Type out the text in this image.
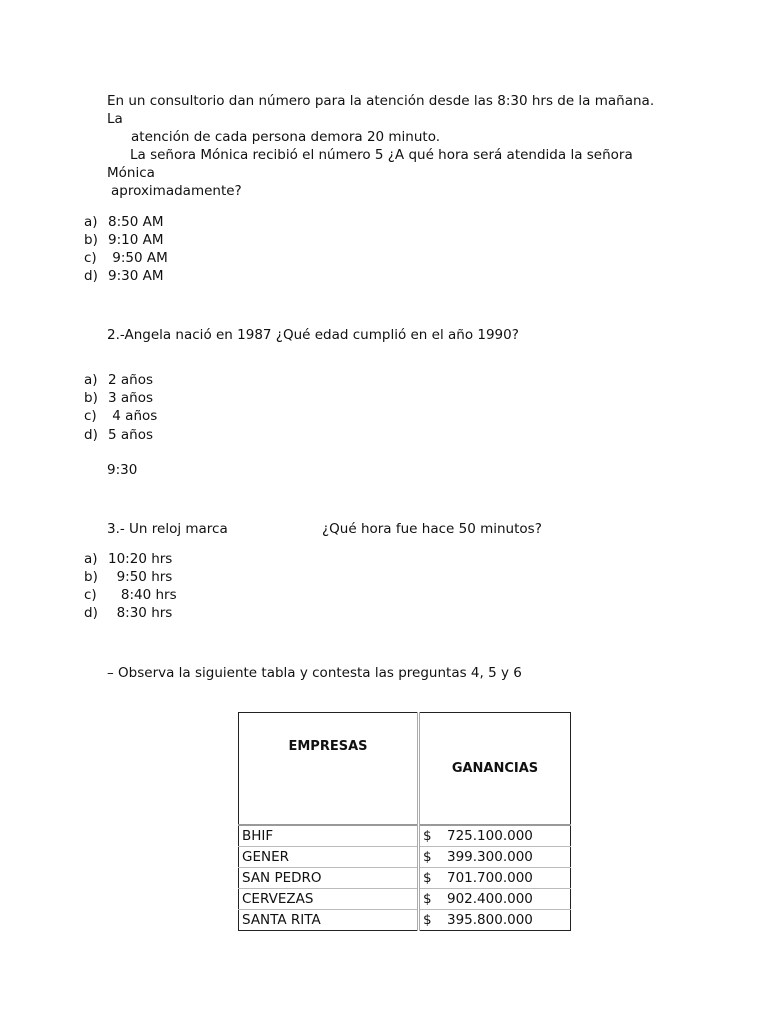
En un consultorio dan número para la atención desde las 8:30 hrs de la mañana.
La
atención de cada persona demora 20 minuto.
La señora Mónica recibió el número 5 ¿A qué hora será atendida la señora
Mónica
aproximadamente?
a) 8:50 AM
b) 9:10 AM
c) 9:50 AM
d) 9:30 AM
2.-Angela nació en 1987 ¿Qué edad cumplió en el año 1990?
a) 2 años
b) 3 años
c) 4 años
d) 5 años
9:30
3.- Un reloj marca	¿Qué hora fue hace 50 minutos?
a) 10:20 hrs
b)  9:50 hrs
c)   8:40 hrs
d)  8:30 hrs
– Observa la siguiente tabla y contesta las preguntas 4, 5 y 6
EMPRESAS	GANANCIAS
BHIF	$ 725.100.000
GENER	$ 399.300.000
SAN PEDRO	$ 701.700.000
CERVEZAS	$ 902.400.000
SANTA RITA	$ 395.800.000
